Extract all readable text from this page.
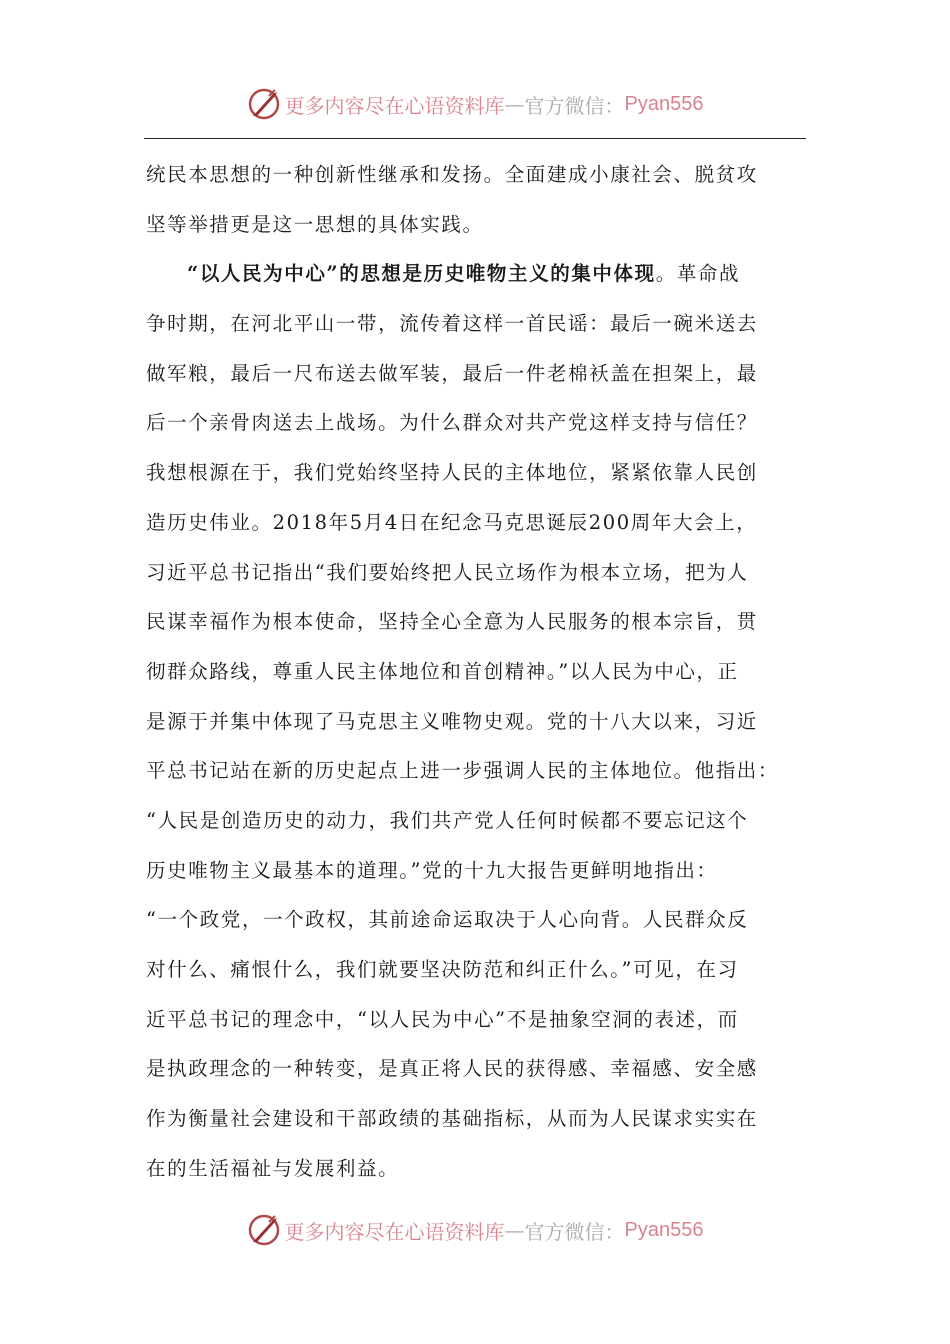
更多内容尽在心语资料库 — 官方微信： Pyan556
统民本思想的一种创新性继承和发扬。全面建成小康社会、脱贫攻
坚等举措更是这一思想的具体实践。
“以人民为中心”的思想是历史唯物主义的集中体现。革命战
争时期，在河北平山一带，流传着这样一首民谣：最后一碗米送去
做军粮，最后一尺布送去做军装，最后一件老棉袄盖在担架上，最
后一个亲骨肉送去上战场。为什么群众对共产党这样支持与信任？
我想根源在于，我们党始终坚持人民的主体地位，紧紧依靠人民创
造历史伟业。2018年5月4日在纪念马克思诞辰200周年大会上，
习近平总书记指出“我们要始终把人民立场作为根本立场，把为人
民谋幸福作为根本使命，坚持全心全意为人民服务的根本宗旨，贯
彻群众路线，尊重人民主体地位和首创精神。”以人民为中心，正
是源于并集中体现了马克思主义唯物史观。党的十八大以来，习近
平总书记站在新的历史起点上进一步强调人民的主体地位。他指出：
“人民是创造历史的动力，我们共产党人任何时候都不要忘记这个
历史唯物主义最基本的道理。”党的十九大报告更鲜明地指出：
“一个政党，一个政权，其前途命运取决于人心向背。人民群众反
对什么、痛恨什么，我们就要坚决防范和纠正什么。”可见，在习
近平总书记的理念中，“以人民为中心”不是抽象空洞的表述，而
是执政理念的一种转变，是真正将人民的获得感、幸福感、安全感
作为衡量社会建设和干部政绩的基础指标，从而为人民谋求实实在
在的生活福祉与发展利益。
更多内容尽在心语资料库 — 官方微信： Pyan556
